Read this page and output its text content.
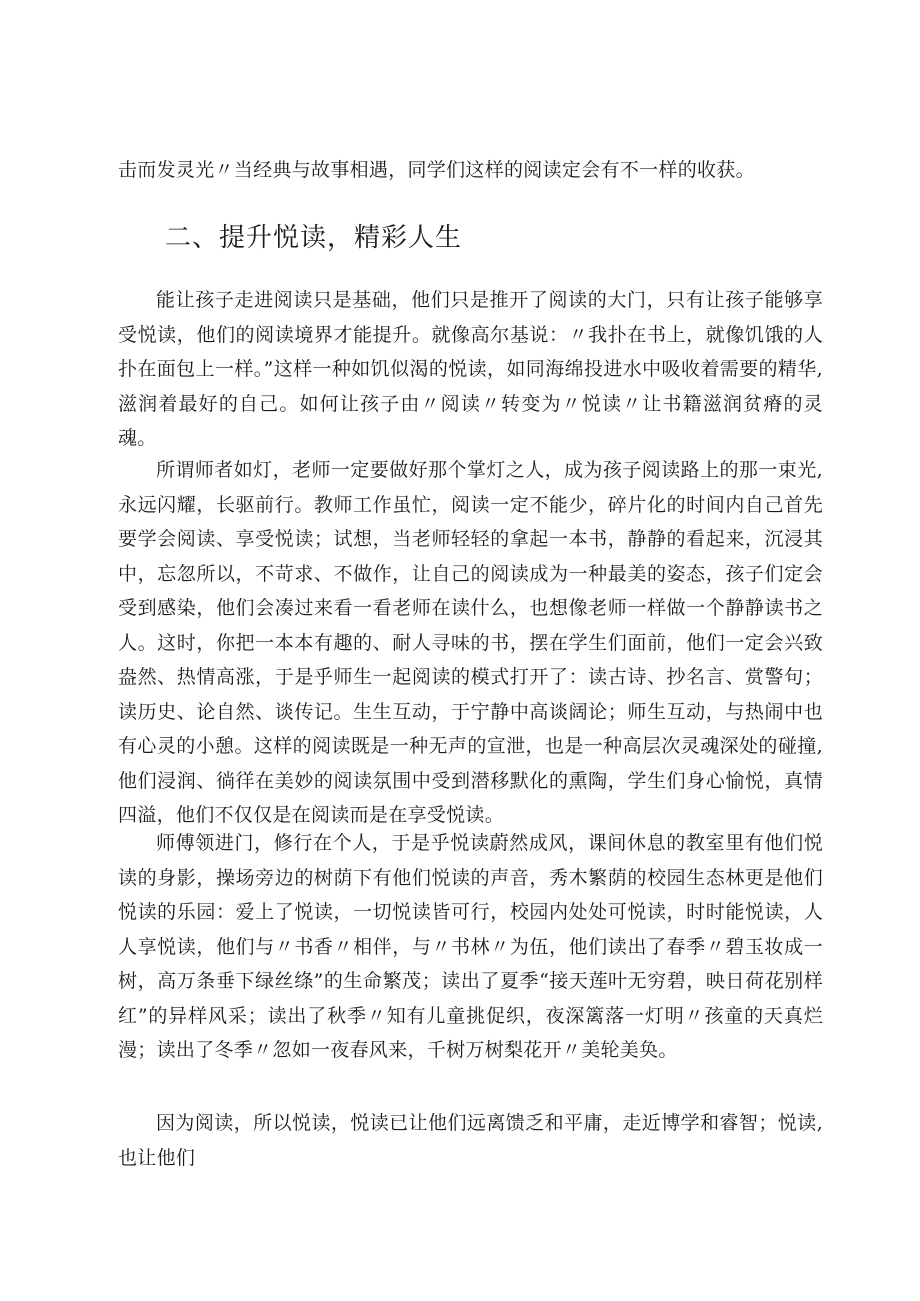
击而发灵光〃当经典与故事相遇，同学们这样的阅读定会有不一样的收获。

二、提升悦读，精彩人生

能让孩子走进阅读只是基础，他们只是推开了阅读的大门，只有让孩子能够享受悦读，他们的阅读境界才能提升。就像高尔基说：〃我扑在书上，就像饥饿的人扑在面包上一样。”这样一种如饥似渴的悦读，如同海绵投进水中吸收着需要的精华,滋润着最好的自己。如何让孩子由〃阅读〃转变为〃悦读〃让书籍滋润贫瘠的灵魂。

所谓师者如灯，老师一定要做好那个掌灯之人，成为孩子阅读路上的那一束光,永远闪耀，长驱前行。教师工作虽忙，阅读一定不能少，碎片化的时间内自己首先要学会阅读、享受悦读；试想，当老师轻轻的拿起一本书，静静的看起来，沉浸其中，忘忽所以，不苛求、不做作，让自己的阅读成为一种最美的姿态，孩子们定会受到感染，他们会凑过来看一看老师在读什么，也想像老师一样做一个静静读书之人。这时，你把一本本有趣的、耐人寻味的书，摆在学生们面前，他们一定会兴致盎然、热情高涨，于是乎师生一起阅读的模式打开了：读古诗、抄名言、赏警句；读历史、论自然、谈传记。生生互动，于宁静中高谈阔论；师生互动，与热闹中也有心灵的小憩。这样的阅读既是一种无声的宣泄，也是一种高层次灵魂深处的碰撞,他们浸润、徜徉在美妙的阅读氛围中受到潜移默化的熏陶，学生们身心愉悦，真情四溢，他们不仅仅是在阅读而是在享受悦读。

师傅领进门，修行在个人，于是乎悦读蔚然成风，课间休息的教室里有他们悦读的身影，操场旁边的树荫下有他们悦读的声音，秀木繁荫的校园生态林更是他们悦读的乐园：爱上了悦读，一切悦读皆可行，校园内处处可悦读，时时能悦读，人人享悦读，他们与〃书香〃相伴，与〃书林〃为伍，他们读出了春季〃碧玉妆成一树，高万条垂下绿丝绦”的生命繁茂；读出了夏季“接天莲叶无穷碧，映日荷花别样红”的异样风采；读出了秋季〃知有儿童挑促织，夜深篱落一灯明〃孩童的天真烂漫；读出了冬季〃忽如一夜春风来，千树万树梨花开〃美轮美奂。

因为阅读，所以悦读，悦读已让他们远离馈乏和平庸，走近博学和睿智；悦读,也让他们
